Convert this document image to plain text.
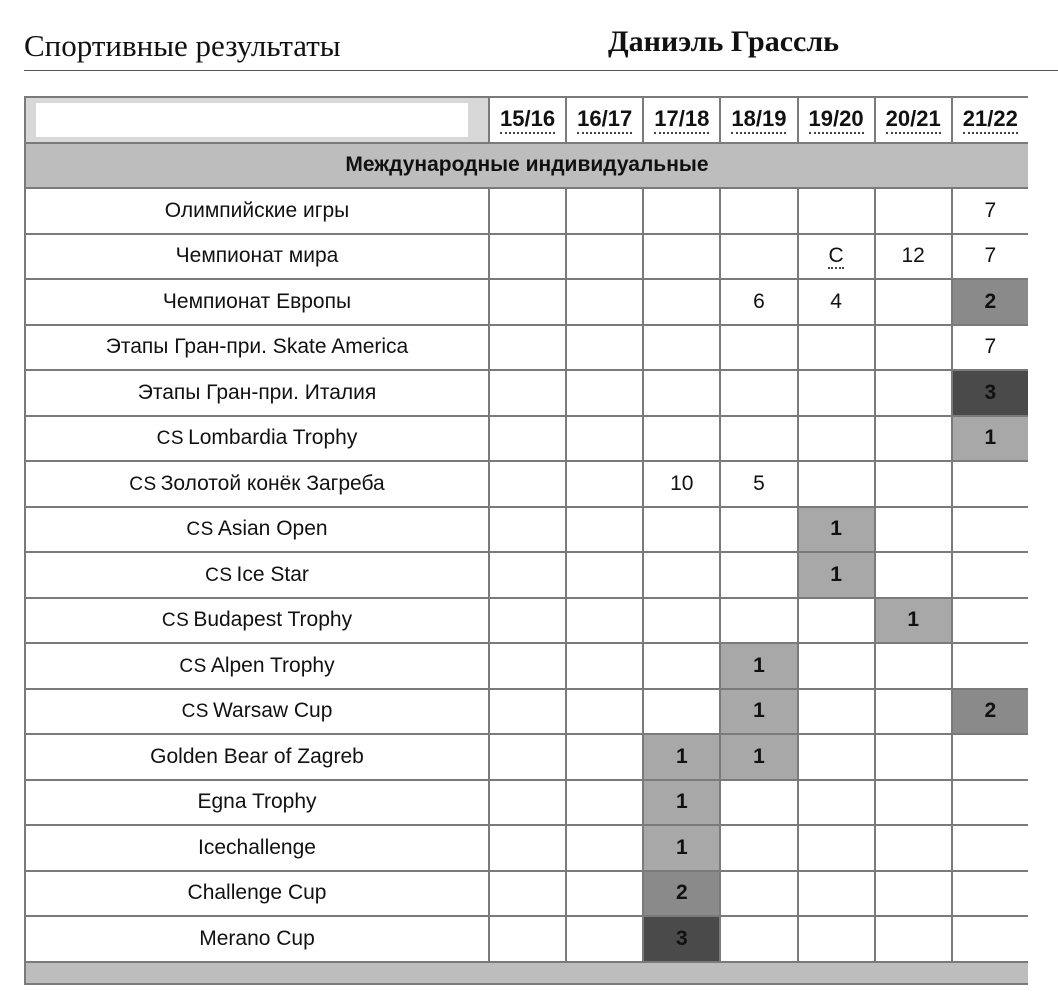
Спортивные результаты	Даниэль Грассль
	15/16	16/17	17/18	18/19	19/20	20/21	21/22
Международные индивидуальные							
Олимпийские игры							7
Чемпионат мира					С	12	7
Чемпионат Европы				6	4		2
Этапы Гран-при. Skate America							7
Этапы Гран-при. Италия							3
CS Lombardia Trophy							1
CS Золотой конёк Загреба			10	5			
CS Asian Open					1		
CS Ice Star					1		
CS Budapest Trophy						1	
CS Alpen Trophy				1			
CS Warsaw Cup				1			2
Golden Bear of Zagreb			1	1			
Egna Trophy			1				
Icechallenge			1				
Challenge Cup			2				
Merano Cup			3				
